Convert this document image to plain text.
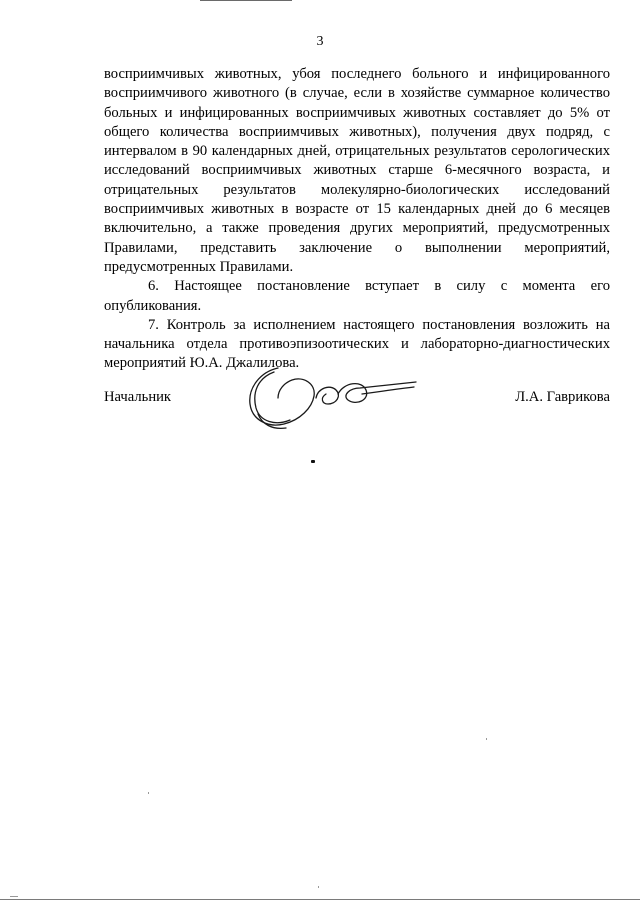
3

восприимчивых животных, убоя последнего больного и инфицированного восприимчивого животного (в случае, если в хозяйстве суммарное количество больных и инфицированных восприимчивых животных составляет до 5% от общего количества восприимчивых животных), получения двух подряд, с интервалом в 90 календарных дней, отрицательных результатов серологических исследований восприимчивых животных старше 6-месячного возраста, и отрицательных результатов молекулярно-биологических исследований восприимчивых животных в возрасте от 15 календарных дней до 6 месяцев включительно, а также проведения других мероприятий, предусмотренных Правилами, представить заключение о выполнении мероприятий, предусмотренных Правилами.

6. Настоящее постановление вступает в силу с момента его опубликования.

7. Контроль за исполнением настоящего постановления возложить на начальника отдела противоэпизоотических и лабораторно-диагностических мероприятий Ю.А. Джалилова.

Начальник	Л.А. Гаврикова
